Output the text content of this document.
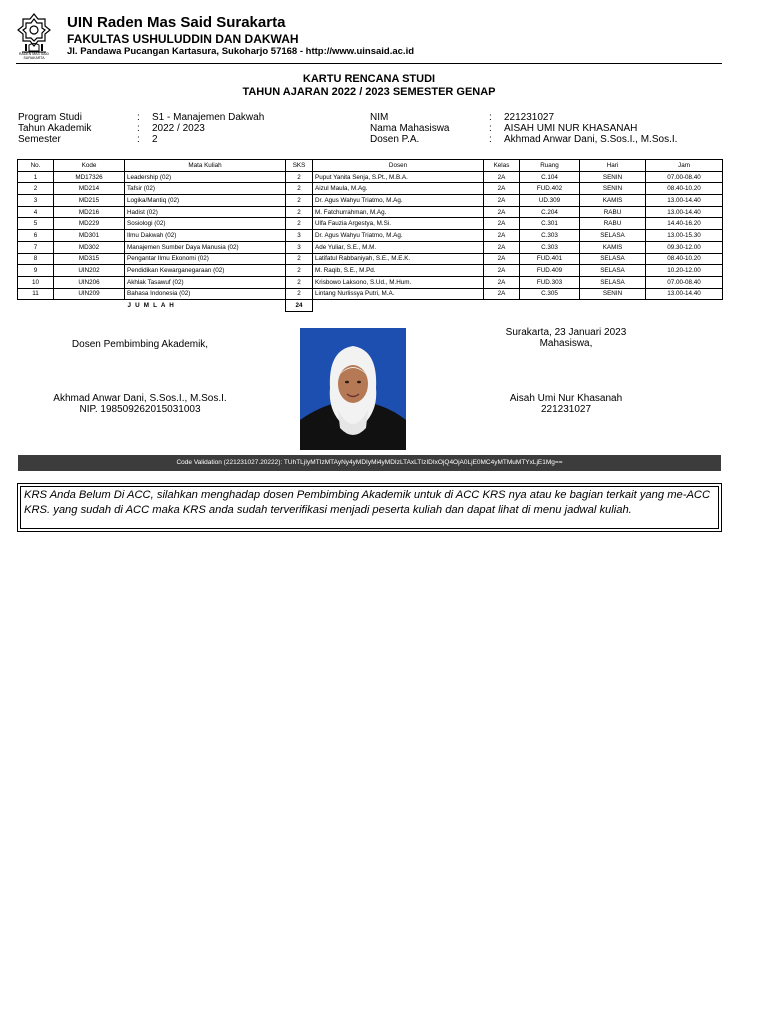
RADEN MAS SAID
SURAKARTA
UIN Raden Mas Said Surakarta
FAKULTAS USHULUDDIN DAN DAKWAH
Jl. Pandawa Pucangan Kartasura, Sukoharjo 57168 - http://www.uinsaid.ac.id
KARTU RENCANA STUDI
TAHUN AJARAN 2022 / 2023 SEMESTER GENAP
Program Studi	: S1 - Manajemen Dakwah
Tahun Akademik	: 2022 / 2023
Semester	: 2
NIM	: 221231027
Nama Mahasiswa	: AISAH UMI NUR KHASANAH
Dosen P.A.	: Akhmad Anwar Dani, S.Sos.I., M.Sos.I.
No.	Kode	Mata Kuliah	SKS	Dosen	Kelas	Ruang	Hari	Jam
1	MD17326	Leadership (02)	2	Puput Yanita Senja, S.Pt., M.B.A.	2A	C.104	SENIN	07.00-08.40
2	MD214	Tafsir (02)	2	Aizul Maula, M.Ag.	2A	FUD.402	SENIN	08.40-10.20
3	MD215	Logika/Mantiq (02)	2	Dr. Agus Wahyu Triatmo, M.Ag.	2A	UD.309	KAMIS	13.00-14.40
4	MD216	Hadist (02)	2	M. Fatchurrahman, M.Ag.	2A	C.204	RABU	13.00-14.40
5	MD229	Sosiologi (02)	2	Ulfa Fauzia Argestya, M.Si.	2A	C.301	RABU	14.40-16.20
6	MD301	Ilmu Dakwah (02)	3	Dr. Agus Wahyu Triatmo, M.Ag.	2A	C.303	SELASA	13.00-15.30
7	MD302	Manajemen Sumber Daya Manusia (02)	3	Ade Yuliar, S.E., M.M.	2A	C.303	KAMIS	09.30-12.00
8	MD315	Pengantar Ilmu Ekonomi (02)	2	Latifatul Rabbaniyah, S.E., M.E.K.	2A	FUD.401	SELASA	08.40-10.20
9	UIN202	Pendidikan Kewarganegaraan (02)	2	M. Raqib, S.E., M.Pd.	2A	FUD.409	SELASA	10.20-12.00
10	UIN206	Akhlak Tasawuf (02)	2	Krisbowo Laksono, S.Ud., M.Hum.	2A	FUD.303	SELASA	07.00-08.40
11	UIN209	Bahasa Indonesia (02)	2	Lintang Nurlissya Putri, M.A.	2A	C.305	SENIN	13.00-14.40
J U M L A H			24					
Dosen Pembimbing Akademik,
Akhmad Anwar Dani, S.Sos.I., M.Sos.I.
NIP. 198509262015031003
Surakarta, 23 Januari 2023
Mahasiswa,
Aisah Umi Nur Khasanah
221231027
Code Validation (221231027.20222): TUhTLjIyMTIzMTAyNy4yMDIyMi4yMDIzLTAxLTIzIDIxOjQ4OjA0LjE0MC4yMTMuMTYxLjE1Mg==
KRS Anda Belum Di ACC, silahkan menghadap dosen Pembimbing Akademik untuk di ACC KRS nya atau ke bagian terkait yang me-ACC KRS. yang sudah di ACC maka KRS anda sudah terverifikasi menjadi peserta kuliah dan dapat lihat di menu jadwal kuliah.
